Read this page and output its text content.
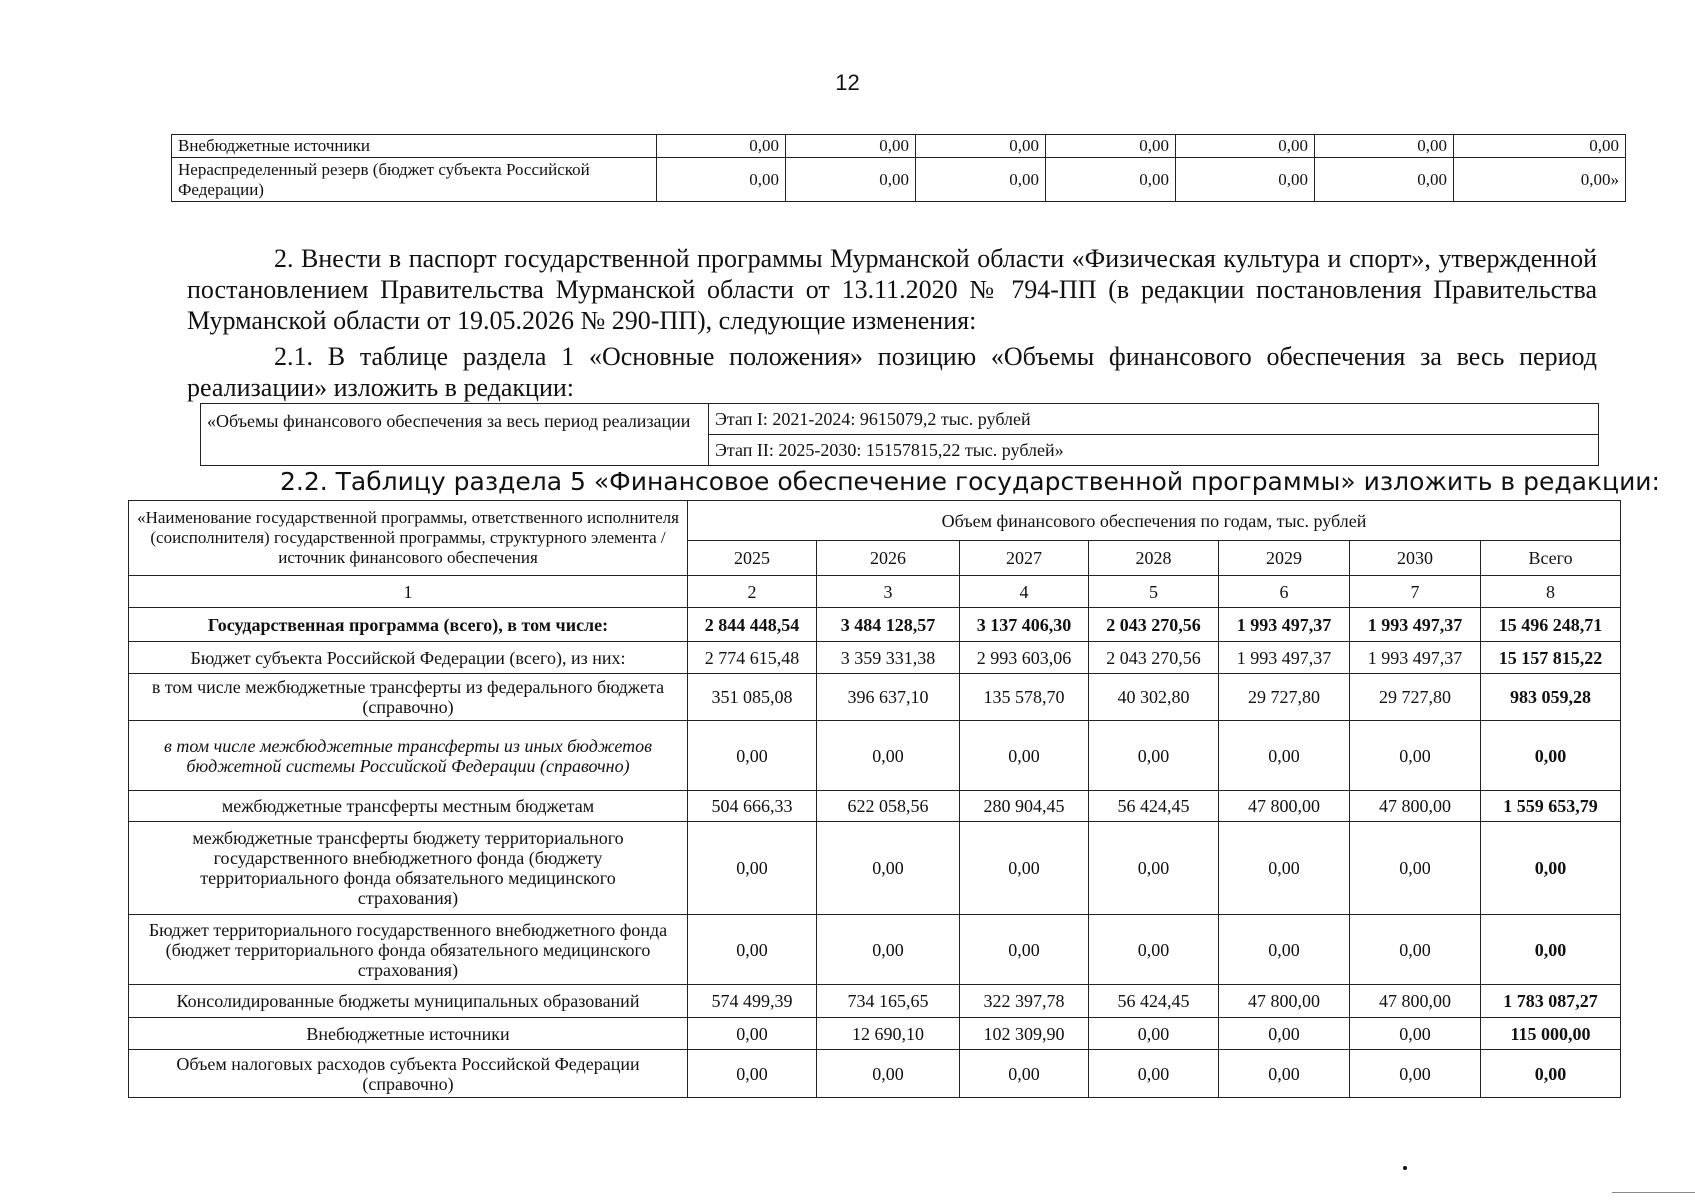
12
Внебюджетные источники	0,00	0,00	0,00	0,00	0,00	0,00	0,00
Нераспределенный резерв (бюджет субъекта Российской Федерации)	0,00	0,00	0,00	0,00	0,00	0,00	0,00»
2. Внести в паспорт государственной программы Мурманской области «Физическая культура и спорт», утвержденной постановлением Правительства Мурманской области от 13.11.2020 № 794-ПП (в редакции постановления Правительства Мурманской области от 19.05.2026 № 290-ПП), следующие изменения:
2.1. В таблице раздела 1 «Основные положения» позицию «Объемы финансового обеспечения за весь период реализации» изложить в редакции:
«Объемы финансового обеспечения за весь период реализации	Этап I: 2021-2024: 9615079,2 тыс. рублей
Этап II: 2025-2030: 15157815,22 тыс. рублей»
2.2. Таблицу раздела 5 «Финансовое обеспечение государственной программы» изложить в редакции:
«Наименование государственной программы, ответственного исполнителя (соисполнителя) государственной программы, структурного элемента / источник финансового обеспечения	Объем финансового обеспечения по годам, тыс. рублей						
	2025	2026	2027	2028	2029	2030	Всего
1	2	3	4	5	6	7	8
Государственная программа (всего), в том числе:	2 844 448,54	3 484 128,57	3 137 406,30	2 043 270,56	1 993 497,37	1 993 497,37	15 496 248,71
Бюджет субъекта Российской Федерации (всего), из них:	2 774 615,48	3 359 331,38	2 993 603,06	2 043 270,56	1 993 497,37	1 993 497,37	15 157 815,22
в том числе межбюджетные трансферты из федерального бюджета (справочно)	351 085,08	396 637,10	135 578,70	40 302,80	29 727,80	29 727,80	983 059,28
в том числе межбюджетные трансферты из иных бюджетов бюджетной системы Российской Федерации (справочно)	0,00	0,00	0,00	0,00	0,00	0,00	0,00
межбюджетные трансферты местным бюджетам	504 666,33	622 058,56	280 904,45	56 424,45	47 800,00	47 800,00	1 559 653,79
межбюджетные трансферты бюджету территориального государственного внебюджетного фонда (бюджету территориального фонда обязательного медицинского страхования)	0,00	0,00	0,00	0,00	0,00	0,00	0,00
Бюджет территориального государственного внебюджетного фонда (бюджет территориального фонда обязательного медицинского страхования)	0,00	0,00	0,00	0,00	0,00	0,00	0,00
Консолидированные бюджеты муниципальных образований	574 499,39	734 165,65	322 397,78	56 424,45	47 800,00	47 800,00	1 783 087,27
Внебюджетные источники	0,00	12 690,10	102 309,90	0,00	0,00	0,00	115 000,00
Объем налоговых расходов субъекта Российской Федерации (справочно)	0,00	0,00	0,00	0,00	0,00	0,00	0,00
